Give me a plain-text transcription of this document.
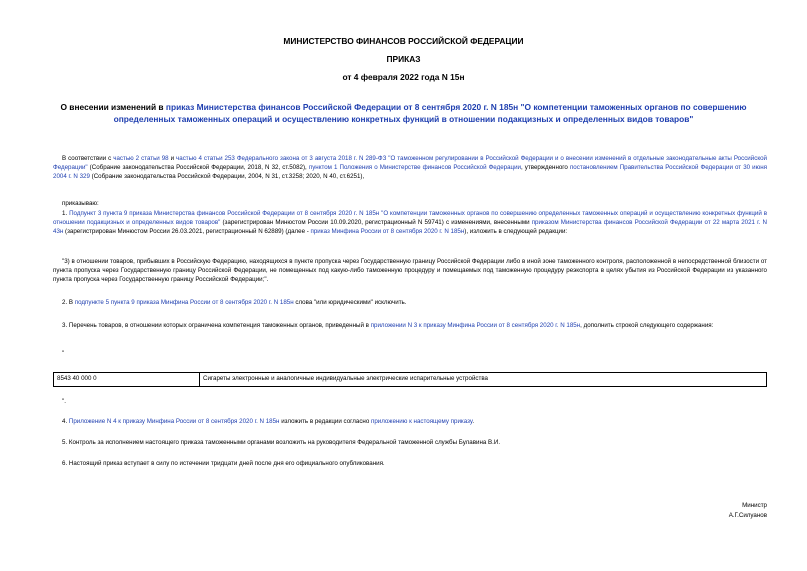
МИНИСТЕРСТВО ФИНАНСОВ РОССИЙСКОЙ ФЕДЕРАЦИИ
ПРИКАЗ
от 4 февраля 2022 года N 15н
О внесении изменений в приказ Министерства финансов Российской Федерации от 8 сентября 2020 г. N 185н "О компетенции таможенных органов по совершению определенных таможенных операций и осуществлению конкретных функций в отношении подакцизных и определенных видов товаров"
В соответствии с частью 2 статьи 98 и частью 4 статьи 253 Федерального закона от 3 августа 2018 г. N 289-ФЗ "О таможенном регулировании в Российской Федерации и о внесении изменений в отдельные законодательные акты Российской Федерации" (Собрание законодательства Российской Федерации, 2018, N 32, ст.5082), пунктом 1 Положения о Министерстве финансов Российской Федерации, утвержденного постановлением Правительства Российской Федерации от 30 июня 2004 г. N 329 (Собрание законодательства Российской Федерации, 2004, N 31, ст.3258; 2020, N 40, ст.6251),
приказываю:
1. Подпункт 3 пункта 9 приказа Министерства финансов Российской Федерации от 8 сентября 2020 г. N 185н "О компетенции таможенных органов по совершению определенных таможенных операций и осуществлению конкретных функций в отношении подакцизных и определенных видов товаров" (зарегистрирован Минюстом России 10.09.2020, регистрационный N 59741) с изменениями, внесенными приказом Министерства финансов Российской Федерации от 22 марта 2021 г. N 43н (зарегистрирован Минюстом России 26.03.2021, регистрационный N 62889) (далее - приказ Минфина России от 8 сентября 2020 г. N 185н), изложить в следующей редакции:
"3) в отношении товаров, прибывших в Российскую Федерацию, находящихся в пункте пропуска через Государственную границу Российской Федерации либо в иной зоне таможенного контроля, расположенной в непосредственной близости от пункта пропуска через Государственную границу Российской Федерации, не помещенных под какую-либо таможенную процедуру и помещаемых под таможенную процедуру реэкспорта в целях убытия из Российской Федерации из указанного пункта пропуска через Государственную границу Российской Федерации;".
2. В подпункте 5 пункта 9 приказа Минфина России от 8 сентября 2020 г. N 185н слова "или юридическими" исключить.
3. Перечень товаров, в отношении которых ограничена компетенция таможенных органов, приведенный в приложении N 3 к приказу Минфина России от 8 сентября 2020 г. N 185н, дополнить строкой следующего содержания:
"
8543 40 000 0	Сигареты электронные и аналогичные индивидуальные электрические испарительные устройства
".
4. Приложение N 4 к приказу Минфина России от 8 сентября 2020 г. N 185н изложить в редакции согласно приложению к настоящему приказу.
5. Контроль за исполнением настоящего приказа таможенными органами возложить на руководителя Федеральной таможенной службы Булавина В.И.
6. Настоящий приказ вступает в силу по истечении тридцати дней после дня его официального опубликования.
Министр
А.Г.Силуанов
